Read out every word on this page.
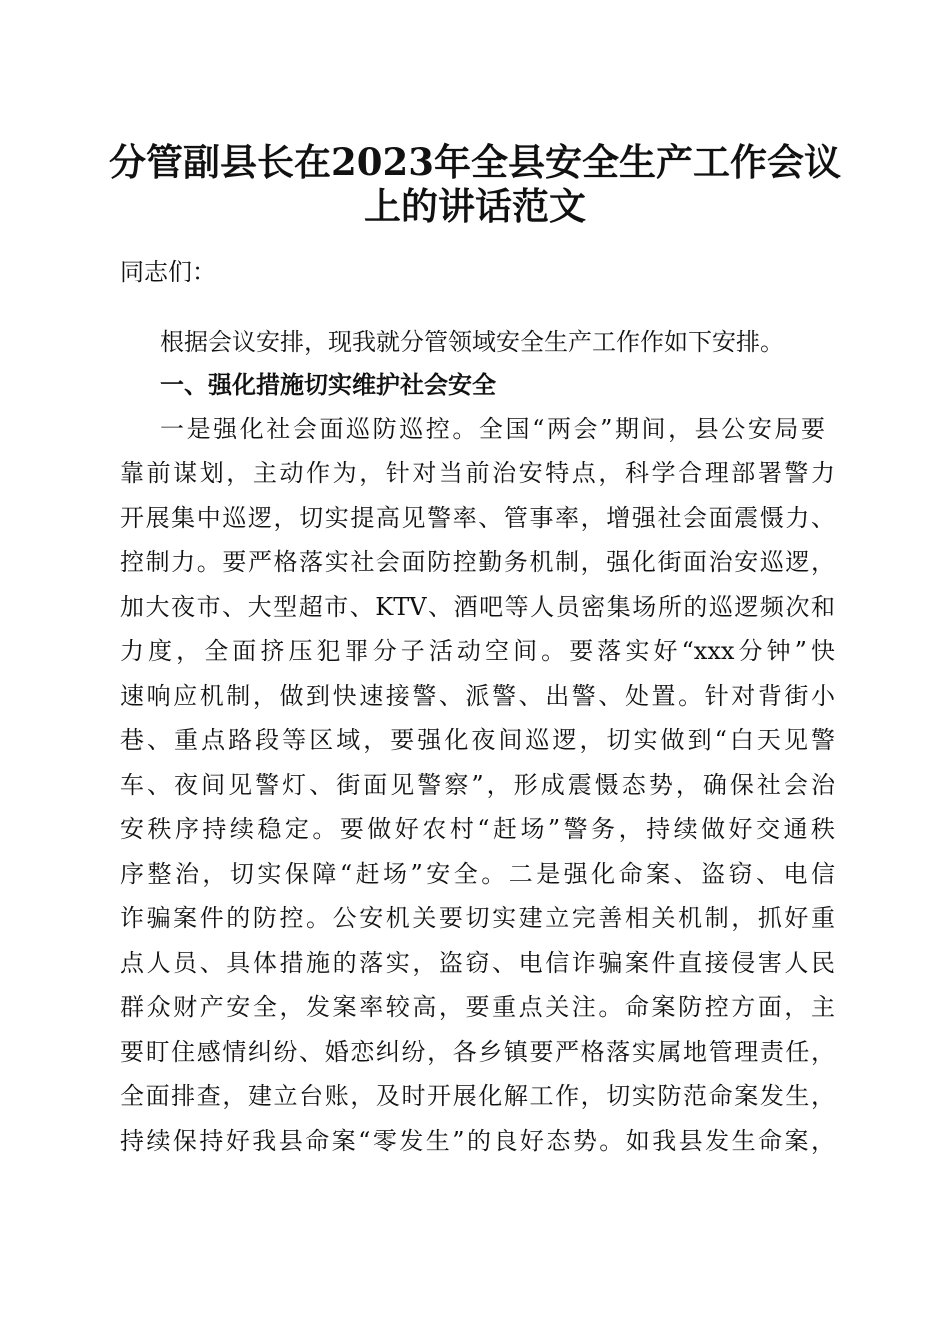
分管副县长在2023年全县安全生产工作会议
上的讲话范文

同志们：

根据会议安排，现我就分管领域安全生产工作作如下安排。

一、强化措施切实维护社会安全

一是强化社会面巡防巡控。全国“两会”期间，县公安局要

靠前谋划，主动作为，针对当前治安特点，科学合理部署警力

开展集中巡逻，切实提高见警率、管事率，增强社会面震慑力、

控制力。要严格落实社会面防控勤务机制，强化街面治安巡逻，

加大夜市、大型超市、KTV、酒吧等人员密集场所的巡逻频次和

力度，全面挤压犯罪分子活动空间。要落实好“xxx分钟”快

速响应机制，做到快速接警、派警、出警、处置。针对背街小

巷、重点路段等区域，要强化夜间巡逻，切实做到“白天见警

车、夜间见警灯、街面见警察”，形成震慑态势，确保社会治

安秩序持续稳定。要做好农村“赶场”警务，持续做好交通秩

序整治，切实保障“赶场”安全。二是强化命案、盗窃、电信

诈骗案件的防控。公安机关要切实建立完善相关机制，抓好重

点人员、具体措施的落实，盗窃、电信诈骗案件直接侵害人民

群众财产安全，发案率较高，要重点关注。命案防控方面，主

要盯住感情纠纷、婚恋纠纷，各乡镇要严格落实属地管理责任，

全面排查，建立台账，及时开展化解工作，切实防范命案发生，

持续保持好我县命案“零发生”的良好态势。如我县发生命案，
